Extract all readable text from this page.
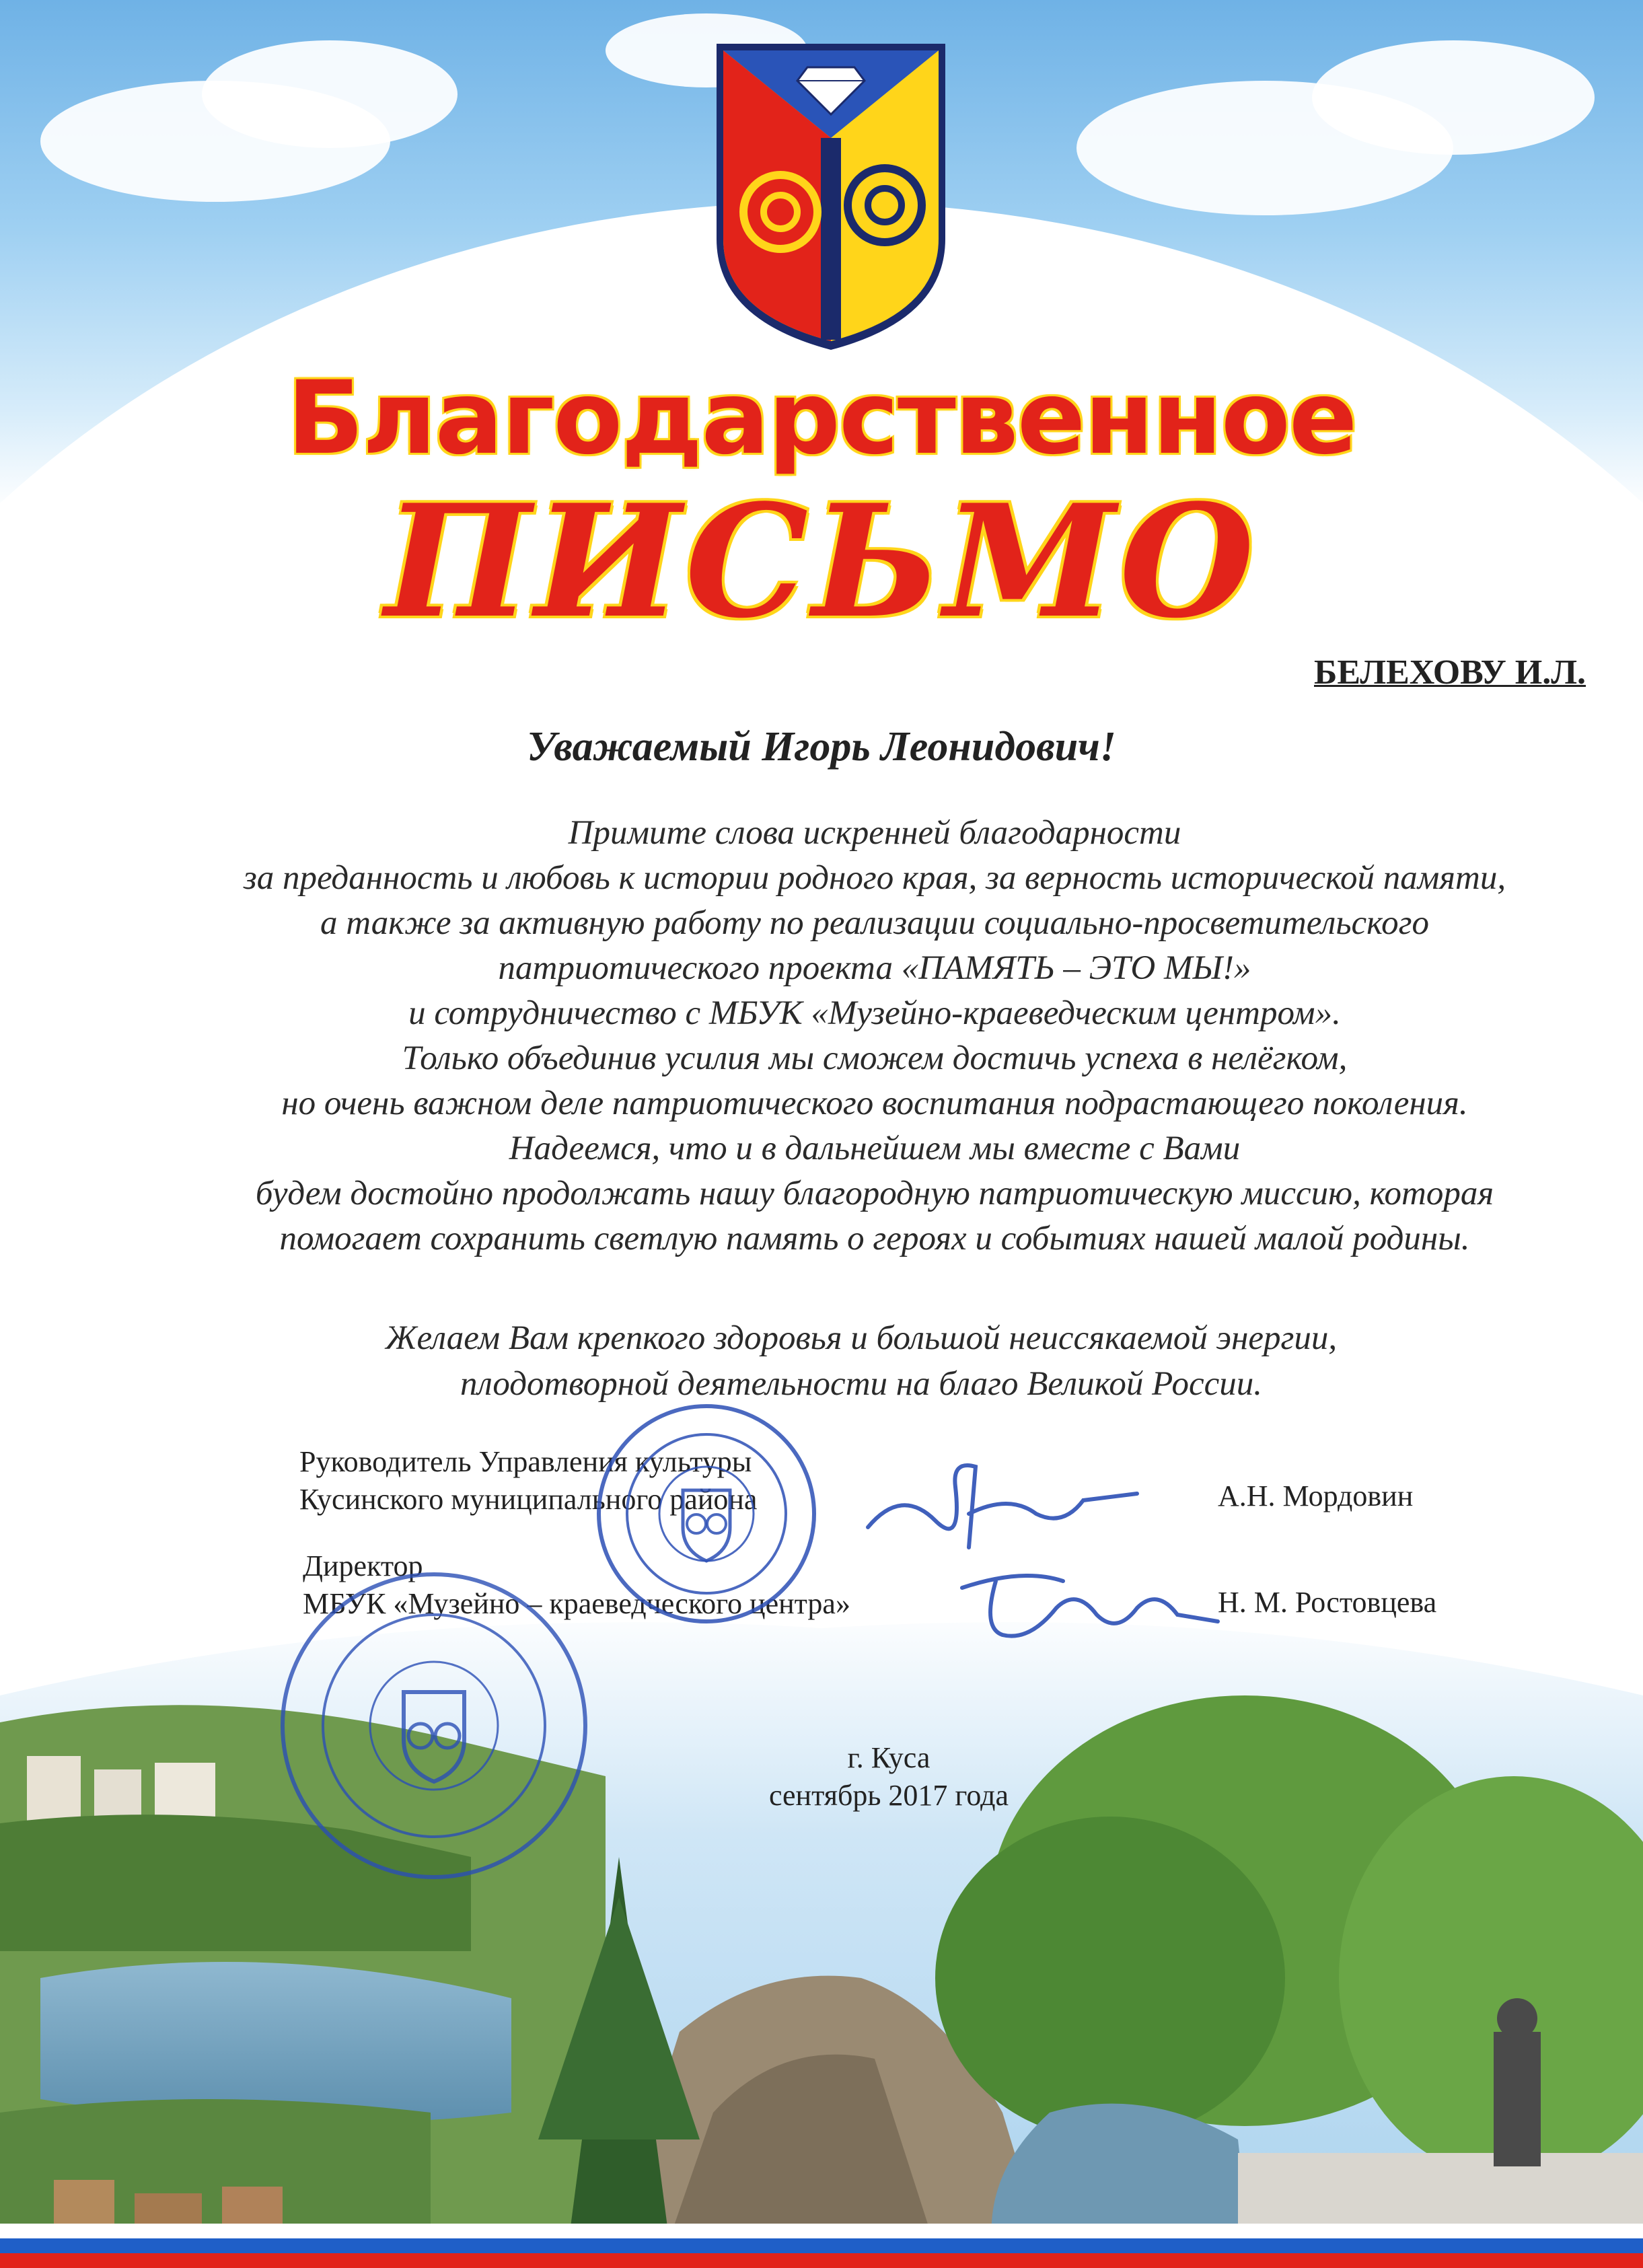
Благодарственное
ПИСЬМО
БЕЛЕХОВУ И.Л.
Уважаемый Игорь Леонидович!
Примите слова искренней благодарности
за преданность и любовь к истории родного края, за верность исторической памяти,
а также за активную работу по реализации социально-просветительского
патриотического проекта «ПАМЯТЬ – ЭТО МЫ!»
и сотрудничество с МБУК «Музейно-краеведческим центром».
Только объединив усилия мы сможем достичь успеха в нелёгком,
но очень важном деле патриотического воспитания подрастающего поколения.
Надеемся, что и в дальнейшем мы вместе с Вами
будем достойно продолжать нашу благородную патриотическую миссию, которая
помогает сохранить светлую память о героях и событиях нашей малой родины.
Желаем Вам крепкого здоровья и большой неиссякаемой энергии,
плодотворной деятельности на благо Великой России.
Руководитель Управления культуры
Кусинского муниципального района	А.Н. Мордовин
Директор
МБУК «Музейно – краеведческого центра»	Н. М. Ростовцева
г. Куса
сентябрь 2017 года
